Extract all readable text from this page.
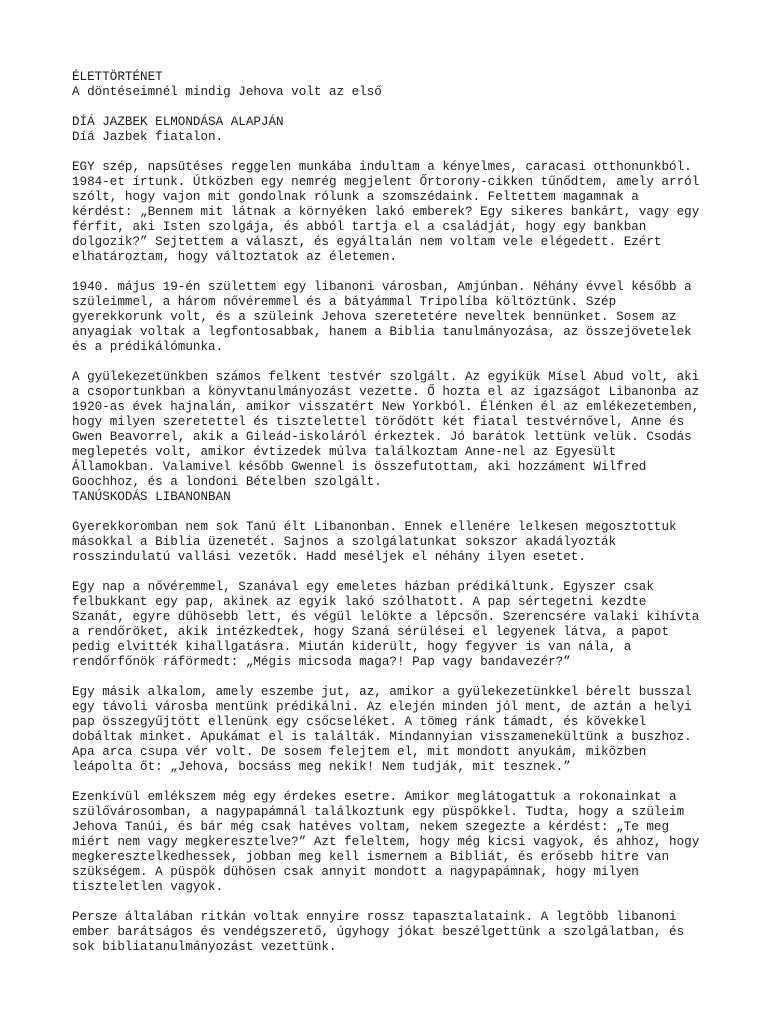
ÉLETTÖRTÉNET
A döntéseimnél mindig Jehova volt az első
DÍÁ JAZBEK ELMONDÁSA ALAPJÁN
Díá Jazbek fiatalon.
EGY szép, napsütéses reggelen munkába indultam a kényelmes, caracasi otthonunkból.
1984-et írtunk. Útközben egy nemrég megjelent Őrtorony-cikken tűnődtem, amely arról
szólt, hogy vajon mit gondolnak rólunk a szomszédaink. Feltettem magamnak a
kérdést: „Bennem mit látnak a környéken lakó emberek? Egy sikeres bankárt, vagy egy
férfit, aki Isten szolgája, és abból tartja el a családját, hogy egy bankban
dolgozik?” Sejtettem a választ, és egyáltalán nem voltam vele elégedett. Ezért
elhatároztam, hogy változtatok az életemen.
1940. május 19-én születtem egy libanoni városban, Amjúnban. Néhány évvel később a
szüleimmel, a három nővéremmel és a bátyámmal Tripolíba költöztünk. Szép
gyerekkorunk volt, és a szüleink Jehova szeretetére neveltek bennünket. Sosem az
anyagiak voltak a legfontosabbak, hanem a Biblia tanulmányozása, az összejövetelek
és a prédikálómunka.
A gyülekezetünkben számos felkent testvér szolgált. Az egyikük Mísel Abud volt, aki
a csoportunkban a könyvtanulmányozást vezette. Ő hozta el az igazságot Libanonba az
1920-as évek hajnalán, amikor visszatért New Yorkból. Élénken él az emlékezetemben,
hogy milyen szeretettel és tisztelettel törődött két fiatal testvérnővel, Anne és
Gwen Beavorrel, akik a Gileád-iskoláról érkeztek. Jó barátok lettünk velük. Csodás
meglepetés volt, amikor évtizedek múlva találkoztam Anne-nel az Egyesült
Államokban. Valamivel később Gwennel is összefutottam, aki hozzáment Wilfred
Goochhoz, és a londoni Bételben szolgált.
TANÚSKODÁS LIBANONBAN
Gyerekkoromban nem sok Tanú élt Libanonban. Ennek ellenére lelkesen megosztottuk
másokkal a Biblia üzenetét. Sajnos a szolgálatunkat sokszor akadályozták
rosszindulatú vallási vezetők. Hadd meséljek el néhány ilyen esetet.
Egy nap a nővéremmel, Szanával egy emeletes házban prédikáltunk. Egyszer csak
felbukkant egy pap, akinek az egyik lakó szólhatott. A pap sértegetni kezdte
Szanát, egyre dühösebb lett, és végül lelökte a lépcsőn. Szerencsére valaki kihívta
a rendőröket, akik intézkedtek, hogy Szaná sérülései el legyenek látva, a papot
pedig elvitték kihallgatásra. Miután kiderült, hogy fegyver is van nála, a
rendőrfőnök ráförmedt: „Mégis micsoda maga?! Pap vagy bandavezér?”
Egy másik alkalom, amely eszembe jut, az, amikor a gyülekezetünkkel bérelt busszal
egy távoli városba mentünk prédikálni. Az elején minden jól ment, de aztán a helyi
pap összegyűjtött ellenünk egy csőcseléket. A tömeg ránk támadt, és kövekkel
dobáltak minket. Apukámat el is találták. Mindannyian visszamenekültünk a buszhoz.
Apa arca csupa vér volt. De sosem felejtem el, mit mondott anyukám, miközben
leápolta őt: „Jehova, bocsáss meg nekik! Nem tudják, mit tesznek.”
Ezenkívül emlékszem még egy érdekes esetre. Amikor meglátogattuk a rokonainkat a
szülővárosomban, a nagypapámnál találkoztunk egy püspökkel. Tudta, hogy a szüleim
Jehova Tanúi, és bár még csak hatéves voltam, nekem szegezte a kérdést: „Te meg
miért nem vagy megkeresztelve?” Azt feleltem, hogy még kicsi vagyok, és ahhoz, hogy
megkeresztelkedhessek, jobban meg kell ismernem a Bibliát, és erősebb hitre van
szükségem. A püspök dühösen csak annyit mondott a nagypapámnak, hogy milyen
tiszteletlen vagyok.
Persze általában ritkán voltak ennyire rossz tapasztalataink. A legtöbb libanoni
ember barátságos és vendégszerető, úgyhogy jókat beszélgettünk a szolgálatban, és
sok bibliatanulmányozást vezettünk.
